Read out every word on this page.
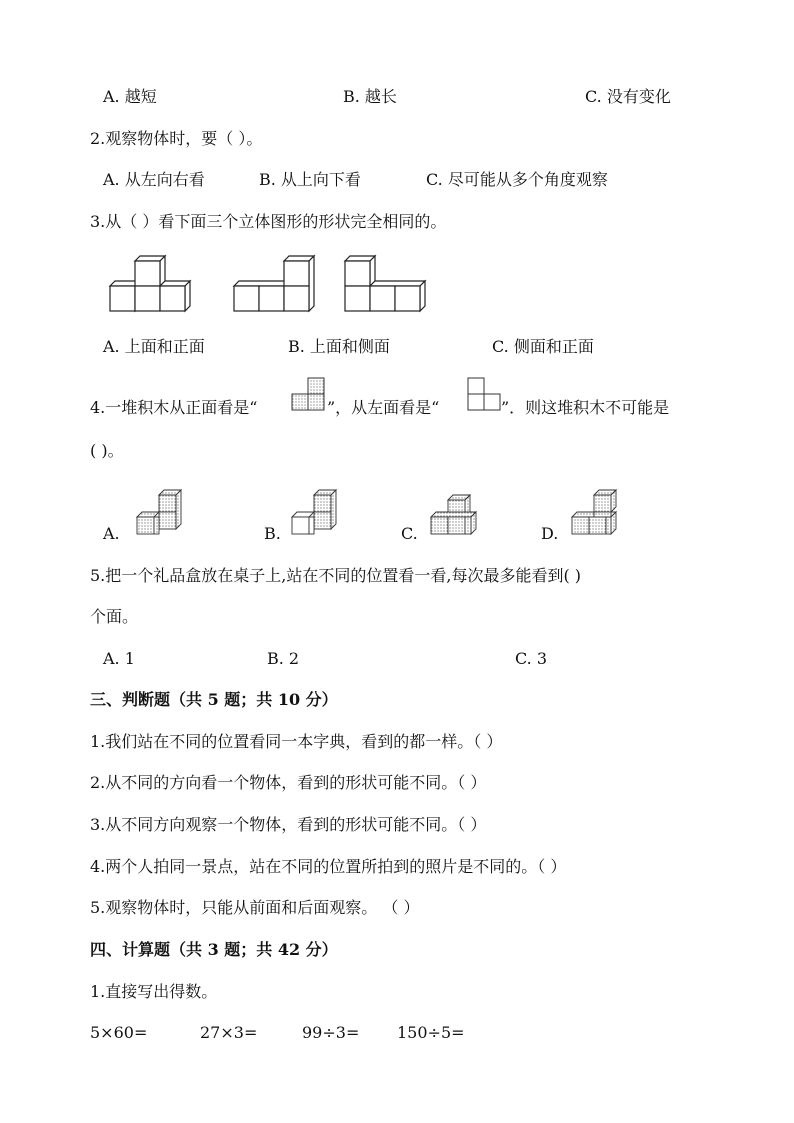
A. 越短	B. 越长	C. 没有变化
2.观察物体时，要（ ）。
A. 从左向右看	B. 从上向下看	C. 尽可能从多个角度观察
3.从（ ）看下面三个立体图形的形状完全相同的。
A. 上面和正面	B. 上面和侧面	C. 侧面和正面
4.一堆积木从正面看是“	”，从左面看是“	”．则这堆积木不可能是
( )。
A.	B.	C.	D.
5.把一个礼品盒放在桌子上,站在不同的位置看一看,每次最多能看到( )
个面。
A. 1	B. 2	C. 3
三、判断题（共 5 题；共 10 分）
1.我们站在不同的位置看同一本字典，看到的都一样。（ ）
2.从不同的方向看一个物体，看到的形状可能不同。（ ）
3.从不同方向观察一个物体，看到的形状可能不同。（ ）
4.两个人拍同一景点，站在不同的位置所拍到的照片是不同的。（ ）
5.观察物体时，只能从前面和后面观察。 （ ）
四、计算题（共 3 题；共 42 分）
1.直接写出得数。
5×60=	27×3=	99÷3= 150÷5=
